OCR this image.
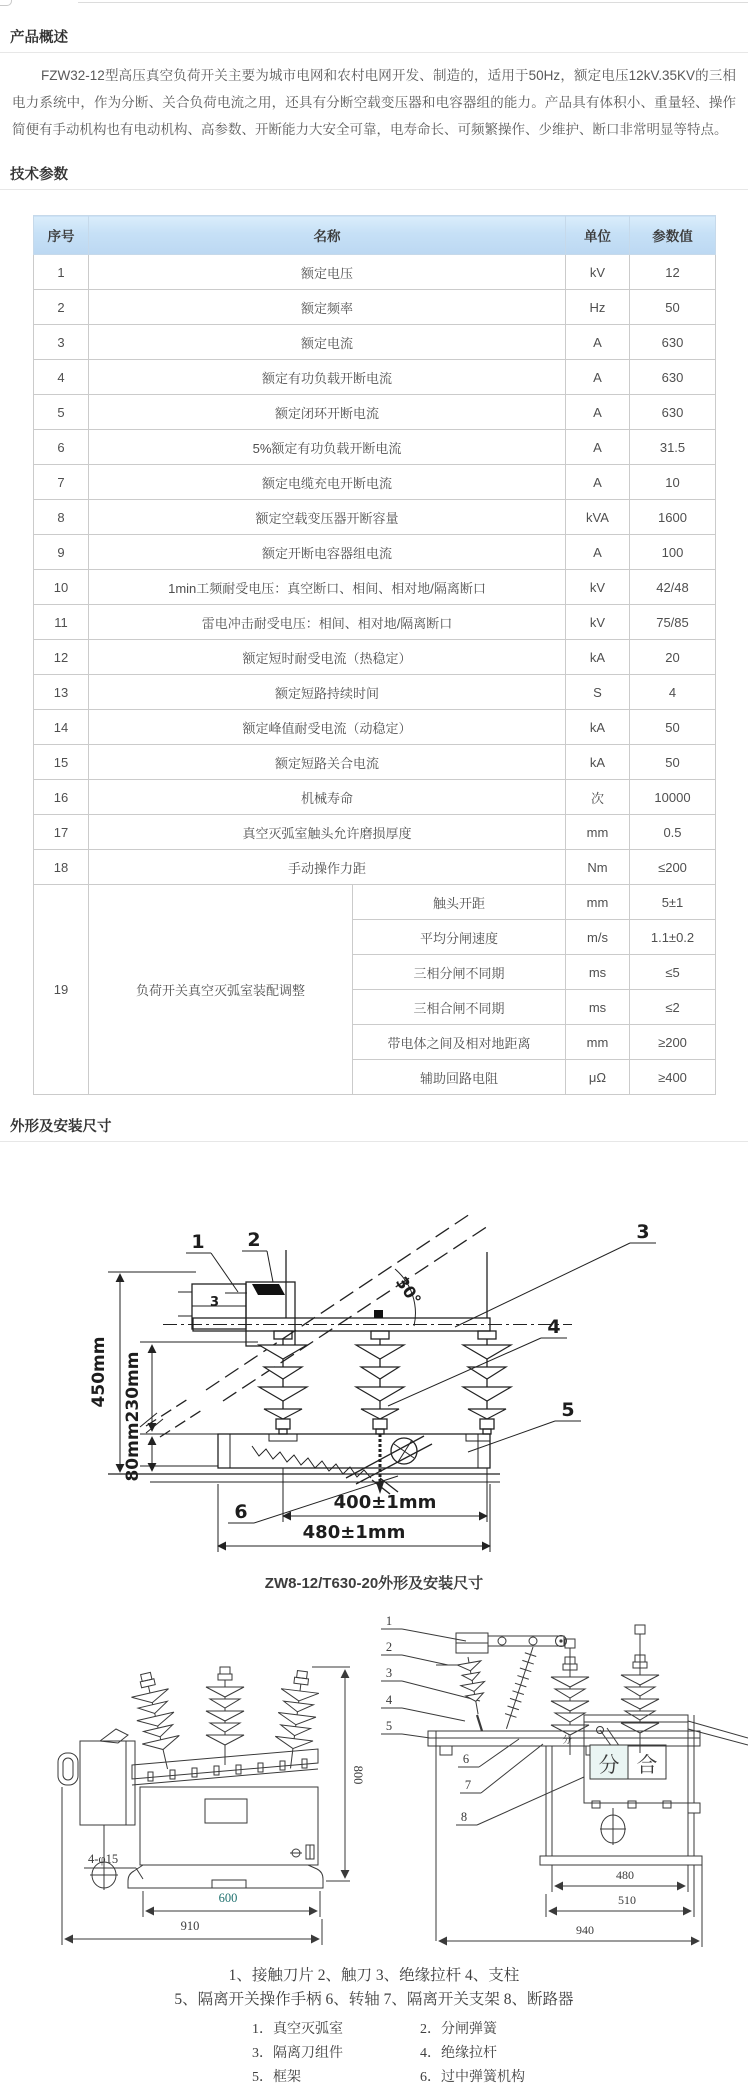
产品概述

FZW32-12型高压真空负荷开关主要为城市电网和农村电网开发、制造的，适用于50Hz，额定电压12kV.35KV的三相电力系统中，作为分断、关合负荷电流之用，还具有分断空载变压器和电容器组的能力。产品具有体积小、重量轻、操作简便有手动机构也有电动机构、高参数、开断能力大安全可靠，电寿命长、可频繁操作、少维护、断口非常明显等特点。

技术参数
序号	名称		单位	参数值
1	额定电压		kV	12
2	额定频率		Hz	50
3	额定电流		A	630
4	额定有功负载开断电流		A	630
5	额定闭环开断电流		A	630
6	5%额定有功负载开断电流		A	31.5
7	额定电缆充电开断电流		A	10
8	额定空载变压器开断容量		kVA	1600
9	额定开断电容器组电流		A	100
10	1min工频耐受电压：真空断口、相间、相对地/隔离断口		kV	42/48
11	雷电冲击耐受电压：相间、相对地/隔离断口		kV	75/85
12	额定短时耐受电流（热稳定）		kA	20
13	额定短路持续时间		S	4
14	额定峰值耐受电流（动稳定）		kA	50
15	额定短路关合电流		kA	50
16	机械寿命		次	10000
17	真空灭弧室触头允许磨损厚度		mm	0.5
18	手动操作力距		Nm	≤200
19	负荷开关真空灭弧室装配调整	触头开距	mm	5±1
		平均分闸速度	m/s	1.1±0.2
		三相分闸不同期	ms	≤5
		三相合闸不同期	ms	≤2
		带电体之间及相对地距离	mm	≥200
		辅助回路电阻	μΩ	≥400
外形及安装尺寸
450mm 230mm
80mm
3	30°
400±1mm
480±1mm
1 2	3
4
5
6
ZW8-12/T630-20外形及安装尺寸
800
4-φ15
600
910
1
2
3
4
5
6
7
8
分
分 合
480
510
940
1、接触刀片 2、触刀 3、绝缘拉杆 4、支柱
5、隔离开关操作手柄 6、转轴 7、隔离开关支架 8、断路器
1．真空灭弧室	2．分闸弹簧
3．隔离刀组件	4．绝缘拉杆
5．框架	6．过中弹簧机构
